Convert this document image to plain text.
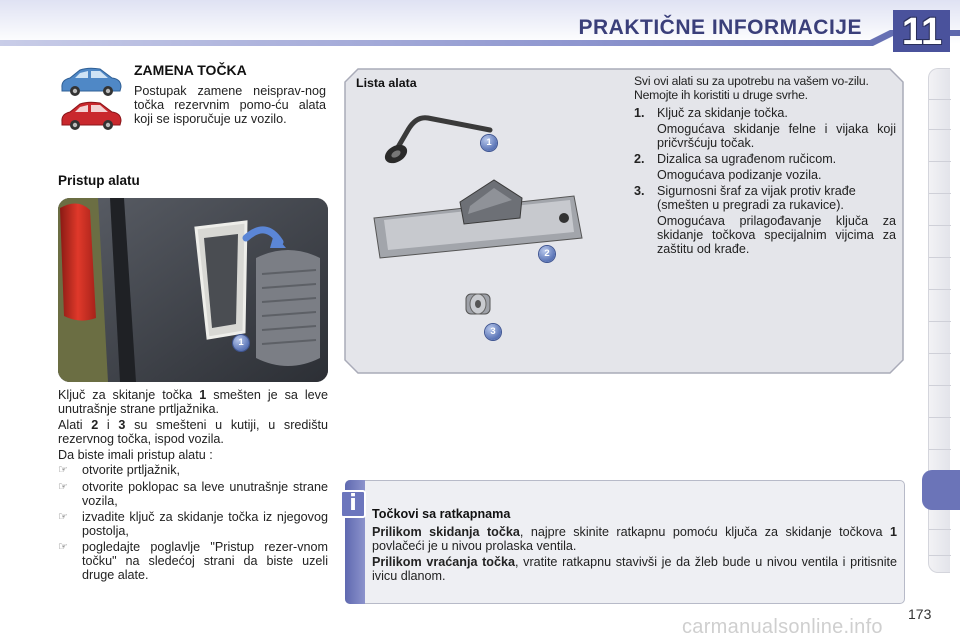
PRAKTIČNE INFORMACIJE 11
ZAMENA TOČKA
Postupak zamene neisprav-nog točka rezervnim pomo-ću alata koji se isporučuje uz vozilo.
Pristup alatu
1
Ključ za skitanje točka 1 smešten je sa leve unutrašnje strane prtljažnika.
Alati 2 i 3 su smešteni u kutiji, u središtu rezervnog točka, ispod vozila.
Da biste imali pristup alatu :
☞	otvorite prtljažnik,
☞	otvorite poklopac sa leve unutrašnje strane vozila,
☞	izvadite ključ za skidanje točka iz njegovog postolja,
☞	pogledajte poglavlje "Pristup rezer-vnom točku" na sledećoj strani da biste uzeli druge alate.
1
2
3
Lista alata	Svi ovi alati su za upotrebu na vašem vo-zilu. Nemojte ih koristiti u druge svrhe.
1. Ključ za skidanje točka.
Omogućava skidanje felne i vijaka koji pričvršćuju točak.
2. Dizalica sa ugrađenom ručicom.
Omogućava podizanje vozila.
3. Sigurnosni šraf za vijak protiv krađe (smešten u pregradi za rukavice).
Omogućava prilagođavanje ključa za skidanje točkova specijalnim vijcima za zaštitu od krađe.
i	Točkovi sa ratkapnama
Prilikom skidanja točka, najpre skinite ratkapnu pomoću ključa za skidanje točkova 1 povlačeći je u nivou prolaska ventila.
Prilikom vraćanja točka, vratite ratkapnu stavivši je da žleb bude u nivou ventila i pritisnite ivicu dlanom.
173
carmanualsonline.info
